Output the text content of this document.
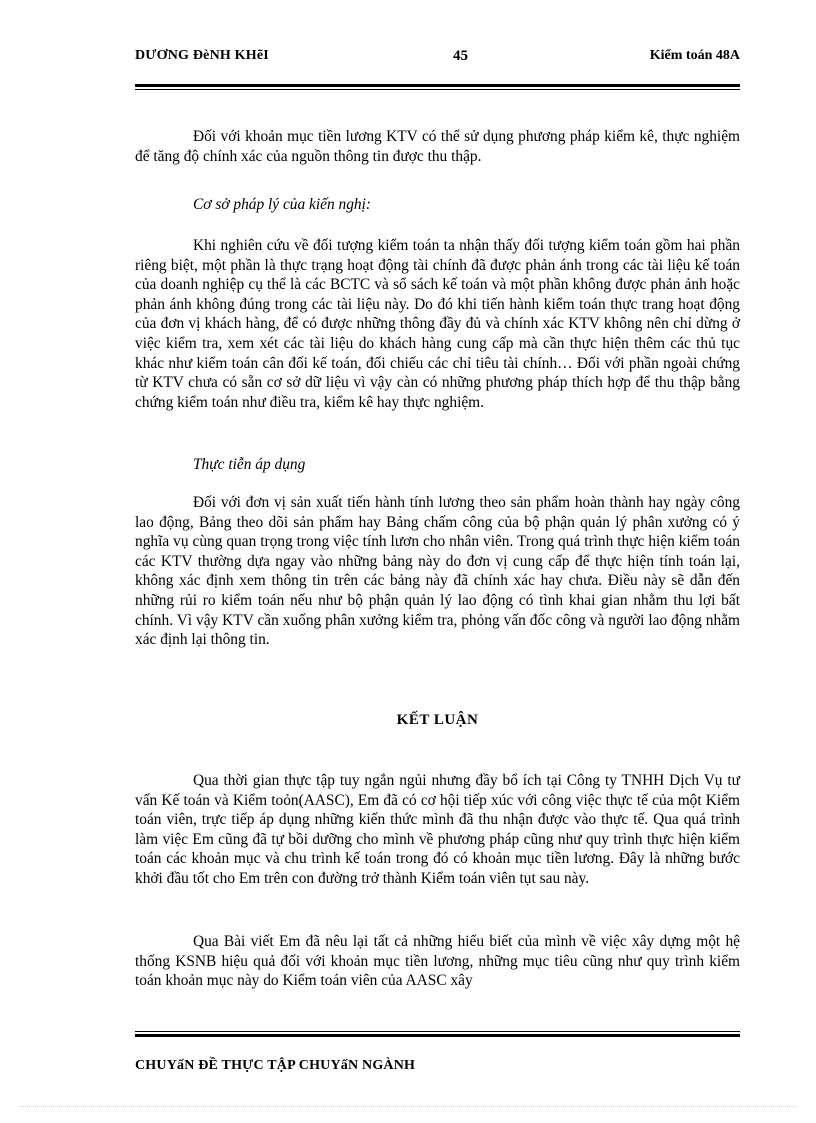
DƯƠNG ĐèNH KHẽI	45	Kiểm toán 48A

Đối với khoản mục tiền lương KTV có thể sử dụng phương pháp kiểm kê, thực nghiệm để tăng độ chính xác của nguồn thông tin được thu thập.

Cơ sở pháp lý của kiến nghị:

Khi nghiên cứu về đối tượng kiểm toán ta nhận thấy đối tượng kiểm toán gồm hai phần riêng biệt, một phần là thực trạng hoạt động tài chính đã được phản ánh trong các tài liệu kế toán của doanh nghiệp cụ thể là các BCTC và sổ sách kế toán và một phần không được phản ảnh hoặc phản ánh không đúng trong các tài liệu này. Do đó khi tiến hành kiểm toán thực trang hoạt động của đơn vị khách hàng, để có được những thông đầy đủ và chính xác KTV không nên chỉ dừng ở việc kiểm tra, xem xét các tài liệu do khách hàng cung cấp mà cần thực hiện thêm các thủ tục khác như kiểm toán cân đối kế toán, đối chiếu các chỉ tiêu tài chính… Đối với phần ngoài chứng từ KTV chưa có sẵn cơ sở dữ liệu vì vậy càn có những phương pháp thích hợp để thu thập bằng chứng kiểm toán như điều tra, kiểm kê hay thực nghiệm.

Thực tiễn áp dụng

Đối với đơn vị sản xuất tiến hành tính lương theo sản phẩm hoàn thành hay ngày công lao động, Bảng theo dõi sản phẩm hay Bảng chấm công của bộ phận quản lý phân xưởng có ý nghĩa vụ cùng quan trọng trong việc tính lươn cho nhân viên. Trong quá trình thực hiện kiểm toán các KTV thường dựa ngay vào những bảng này do đơn vị cung cấp để thực hiện tính toán lại, không xác định xem thông tin trên các bảng này đã chính xác hay chưa. Điều này sẽ dẫn đến những rủi ro kiểm toán nếu như bộ phận quản lý lao động có tình khai gian nhằm thu lợi bất chính. Vì vậy KTV cần xuống phân xưởng kiểm tra, phỏng vấn đốc công và người lao động nhằm xác định lại thông tin.

KẾT LUẬN

Qua thời gian thực tập tuy ngắn ngủi nhưng đầy bổ ích tại Công ty TNHH Dịch Vụ tư vấn Kế toán và Kiểm toỏn(AASC), Em đã có cơ hội tiếp xúc với công việc thực tế của một Kiểm toán viên, trực tiếp áp dụng những kiến thức mình đã thu nhận được vào thực tế. Qua quá trình làm việc Em cũng đã tự bồi dưỡng cho mình về phương pháp cũng như quy trình thực hiện kiểm toán các khoản mục và chu trình kế toán trong đó có khoản mục tiền lương. Đây là những bước khởi đầu tốt cho Em trên con đường trở thành Kiểm toán viên tụt sau này.

Qua Bài viết Em đã nêu lại tất cả những hiểu biết của mình về việc xây dựng một hệ thống KSNB hiệu quả đối với khoản mục tiền lương, những mục tiêu cũng như quy trình kiểm toán khoản mục này do Kiểm toán viên của AASC xây

CHUYấN ĐỀ THỰC TẬP CHUYấN NGÀNH
